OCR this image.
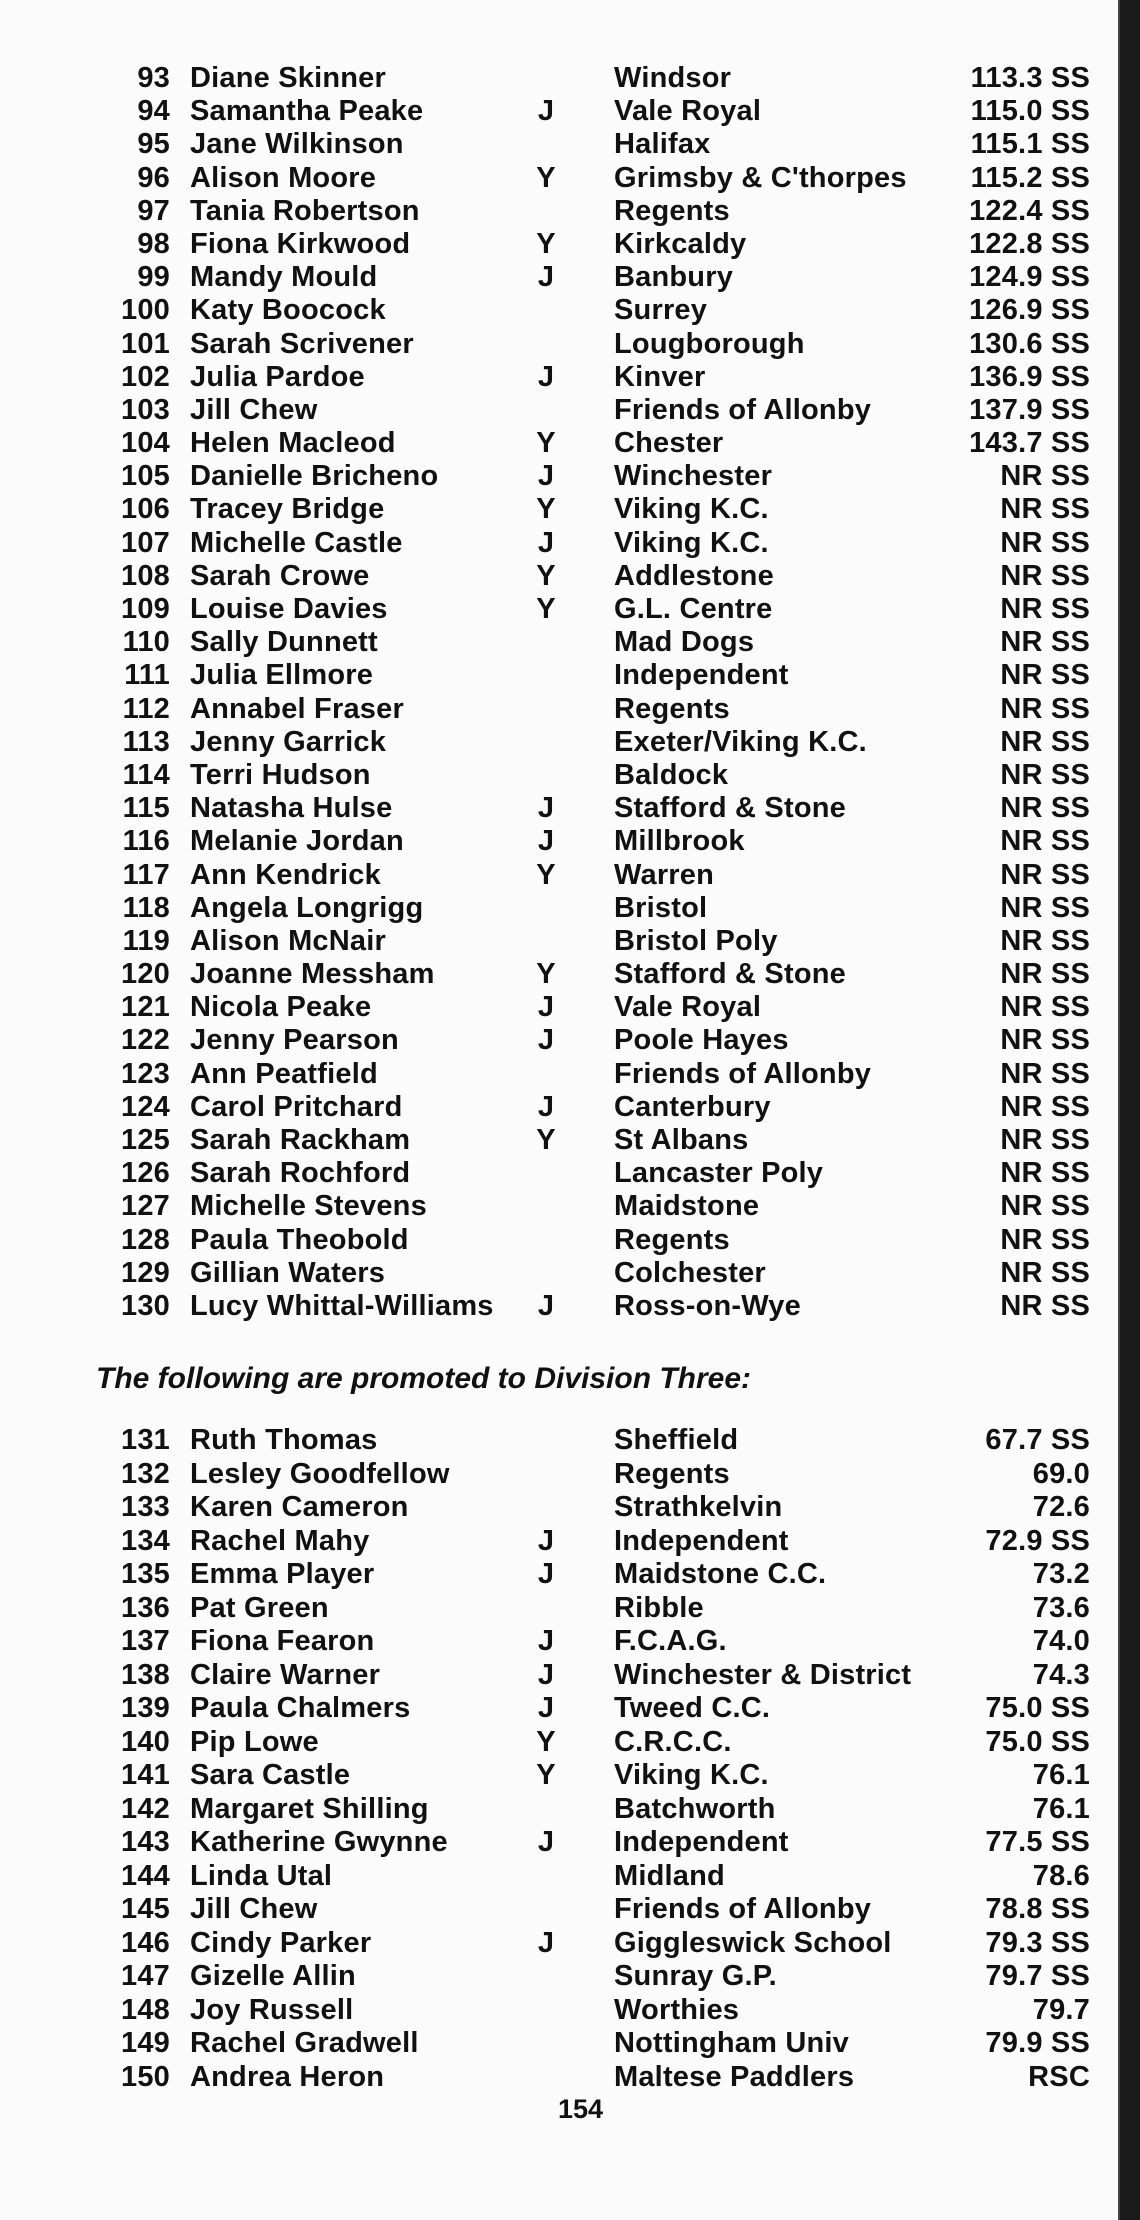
93 Diane Skinner	Windsor	113.3 SS
94 Samantha Peake	J Vale Royal	115.0 SS
95 Jane Wilkinson	Halifax	115.1 SS
96 Alison Moore	Y Grimsby & C'thorpes	115.2 SS
97 Tania Robertson	Regents	122.4 SS
98 Fiona Kirkwood	Y Kirkcaldy	122.8 SS
99 Mandy Mould	J Banbury	124.9 SS
100 Katy Boocock	Surrey	126.9 SS
101 Sarah Scrivener	Lougborough	130.6 SS
102 Julia Pardoe	J Kinver	136.9 SS
103 Jill Chew	Friends of Allonby	137.9 SS
104 Helen Macleod	Y Chester	143.7 SS
105 Danielle Bricheno	J Winchester	NR SS
106 Tracey Bridge	Y Viking K.C.	NR SS
107 Michelle Castle	J Viking K.C.	NR SS
108 Sarah Crowe	Y Addlestone	NR SS
109 Louise Davies	Y G.L. Centre	NR SS
110 Sally Dunnett	Mad Dogs	NR SS
111 Julia Ellmore	Independent	NR SS
112 Annabel Fraser	Regents	NR SS
113 Jenny Garrick	Exeter/Viking K.C.	NR SS
114 Terri Hudson	Baldock	NR SS
115 Natasha Hulse	J Stafford & Stone	NR SS
116 Melanie Jordan	J Millbrook	NR SS
117 Ann Kendrick	Y Warren	NR SS
118 Angela Longrigg	Bristol	NR SS
119 Alison McNair	Bristol Poly	NR SS
120 Joanne Messham	Y Stafford & Stone	NR SS
121 Nicola Peake	J Vale Royal	NR SS
122 Jenny Pearson	J Poole Hayes	NR SS
123 Ann Peatfield	Friends of Allonby	NR SS
124 Carol Pritchard	J Canterbury	NR SS
125 Sarah Rackham	Y St Albans	NR SS
126 Sarah Rochford	Lancaster Poly	NR SS
127 Michelle Stevens	Maidstone	NR SS
128 Paula Theobold	Regents	NR SS
129 Gillian Waters	Colchester	NR SS
130 Lucy Whittal-Williams J Ross-on-Wye	NR SS
The following are promoted to Division Three:
131 Ruth Thomas	Sheffield	67.7 SS
132 Lesley Goodfellow	Regents	69.0
133 Karen Cameron	Strathkelvin	72.6
134 Rachel Mahy	J Independent	72.9 SS
135 Emma Player	J Maidstone C.C.	73.2
136 Pat Green	Ribble	73.6
137 Fiona Fearon	J F.C.A.G.	74.0
138 Claire Warner	J Winchester & District	74.3
139 Paula Chalmers	J Tweed C.C.	75.0 SS
140 Pip Lowe	Y C.R.C.C.	75.0 SS
141 Sara Castle	Y Viking K.C.	76.1
142 Margaret Shilling	Batchworth	76.1
143 Katherine Gwynne	J Independent	77.5 SS
144 Linda Utal	Midland	78.6
145 Jill Chew	Friends of Allonby	78.8 SS
146 Cindy Parker	J Giggleswick School	79.3 SS
147 Gizelle Allin	Sunray G.P.	79.7 SS
148 Joy Russell	Worthies	79.7
149 Rachel Gradwell	Nottingham Univ	79.9 SS
150 Andrea Heron	Maltese Paddlers	RSC
154
